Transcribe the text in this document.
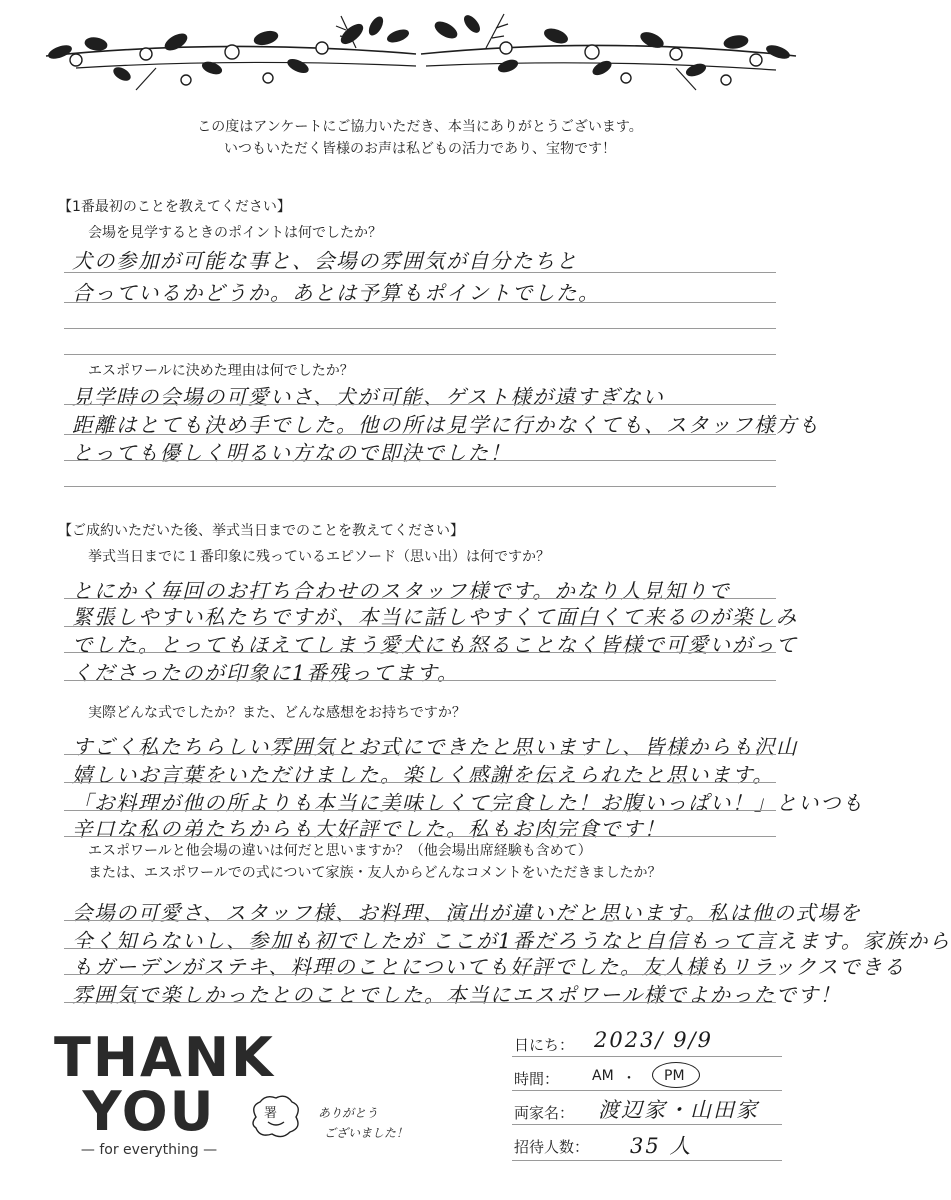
この度はアンケートにご協力いただき、本当にありがとうございます。
いつもいただく皆様のお声は私どもの活力であり、宝物です！
【1番最初のことを教えてください】
会場を見学するときのポイントは何でしたか？
犬の参加が可能な事と、会場の雰囲気が自分たちと
合っているかどうか。あとは予算もポイントでした。
エスポワールに決めた理由は何でしたか？
見学時の会場の可愛いさ、犬が可能、ゲスト様が遠すぎない
距離はとても決め手でした。他の所は見学に行かなくても、スタッフ様方も
とっても優しく明るい方なので即決でした！
【ご成約いただいた後、挙式当日までのことを教えてください】
挙式当日までに１番印象に残っているエピソード（思い出）は何ですか？
とにかく毎回のお打ち合わせのスタッフ様です。かなり人見知りで
緊張しやすい私たちですが、本当に話しやすくて面白くて来るのが楽しみ
でした。とってもほえてしまう愛犬にも怒ることなく皆様で可愛いがって
くださったのが印象に1番残ってます。
実際どんな式でしたか？また、どんな感想をお持ちですか？
すごく私たちらしい雰囲気とお式にできたと思いますし、皆様からも沢山
嬉しいお言葉をいただけました。楽しく感謝を伝えられたと思います。
「お料理が他の所よりも本当に美味しくて完食した！お腹いっぱい！」といつも
辛口な私の弟たちからも大好評でした。私もお肉完食です！
エスポワールと他会場の違いは何だと思いますか？（他会場出席経験も含めて）
または、エスポワールでの式について家族・友人からどんなコメントをいただきましたか？
会場の可愛さ、スタッフ様、お料理、演出が違いだと思います。私は他の式場を
全く知らないし、参加も初でしたが ここが1番だろうなと自信もって言えます。家族から
もガーデンがステキ、料理のことについても好評でした。友人様もリラックスできる
雰囲気で楽しかったとのことでした。本当にエスポワール様でよかったです！
THANK
YOU
— for everything —
署	ありがとう
ございました！
日にち： 2023/ 9/9
時間： AM ・ PM
両家名： 渡辺家・山田家
招待人数： 35 人
